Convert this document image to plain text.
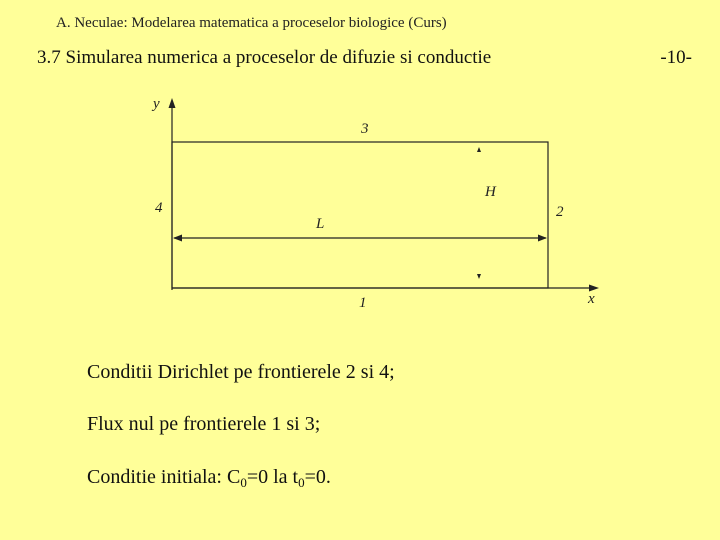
A. Neculae: Modelarea matematica a proceselor biologice (Curs)
3.7 Simularea numerica a proceselor de difuzie si conductie	-10-
y
x
3
4	2
1
H
L
Conditii Dirichlet pe frontierele 2 si 4;
Flux nul pe frontierele 1 si 3;
Conditie initiala: $C_0=0$ la $t_0=0$.
